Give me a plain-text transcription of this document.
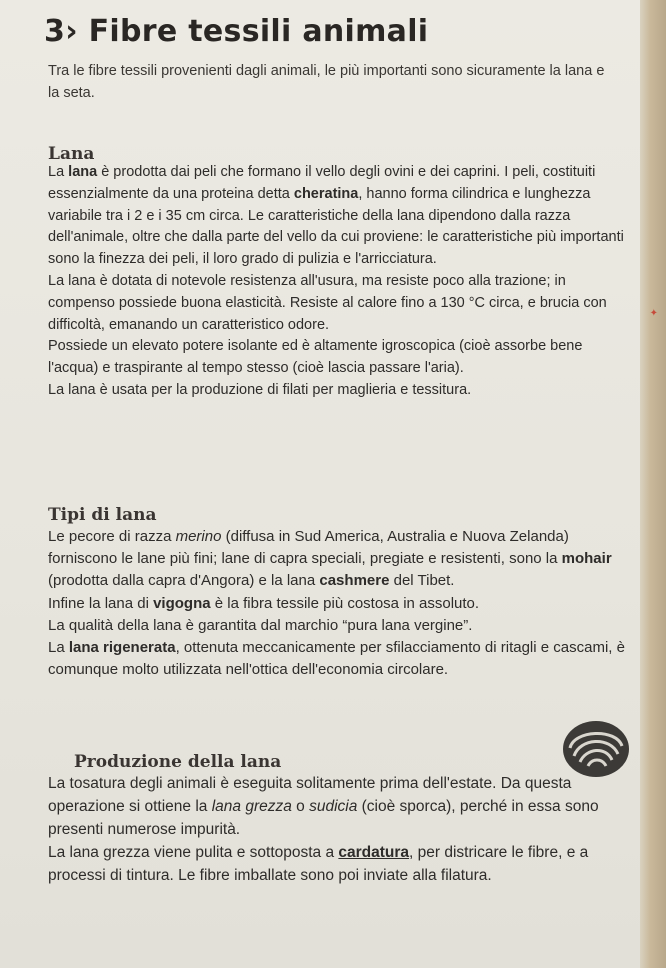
3› Fibre tessili animali
Tra le fibre tessili provenienti dagli animali, le più importanti sono sicuramente la lana e la seta.
Lana

La lana è prodotta dai peli che formano il vello degli ovini e dei caprini. I peli, costituiti essenzialmente da una proteina detta cheratina, hanno forma cilindrica e lunghezza variabile tra i 2 e i 35 cm circa. Le caratteristiche della lana dipendono dalla razza dell'animale, oltre che dalla parte del vello da cui proviene: le caratteristiche più importanti sono la finezza dei peli, il loro grado di pulizia e l'arricciatura.

La lana è dotata di notevole resistenza all'usura, ma resiste poco alla trazione; in compenso possiede buona elasticità. Resiste al calore fino a 130 °C circa, e brucia con difficoltà, emanando un caratteristico odore.

Possiede un elevato potere isolante ed è altamente igroscopica (cioè assorbe bene l'acqua) e traspirante al tempo stesso (cioè lascia passare l'aria).

La lana è usata per la produzione di filati per maglieria e tessitura.

Tipi di lana

Le pecore di razza merino (diffusa in Sud America, Australia e Nuova Zelanda) forniscono le lane più fini; lane di capra speciali, pregiate e resistenti, sono la mohair (prodotta dalla capra d'Angora) e la lana cashmere del Tibet.

Infine la lana di vigogna è la fibra tessile più costosa in assoluto.

La qualità della lana è garantita dal marchio “pura lana vergine”.

La lana rigenerata, ottenuta meccanicamente per sfilacciamento di ritagli e cascami, è comunque molto utilizzata nell'ottica dell'economia circolare.

Produzione della lana

La tosatura degli animali è eseguita solitamente prima dell'estate. Da questa operazione si ottiene la lana grezza o sudicia (cioè sporca), perché in essa sono presenti numerose impurità.

La lana grezza viene pulita e sottoposta a cardatura, per districare le fibre, e a processi di tintura. Le fibre imballate sono poi inviate alla filatura.

✦
